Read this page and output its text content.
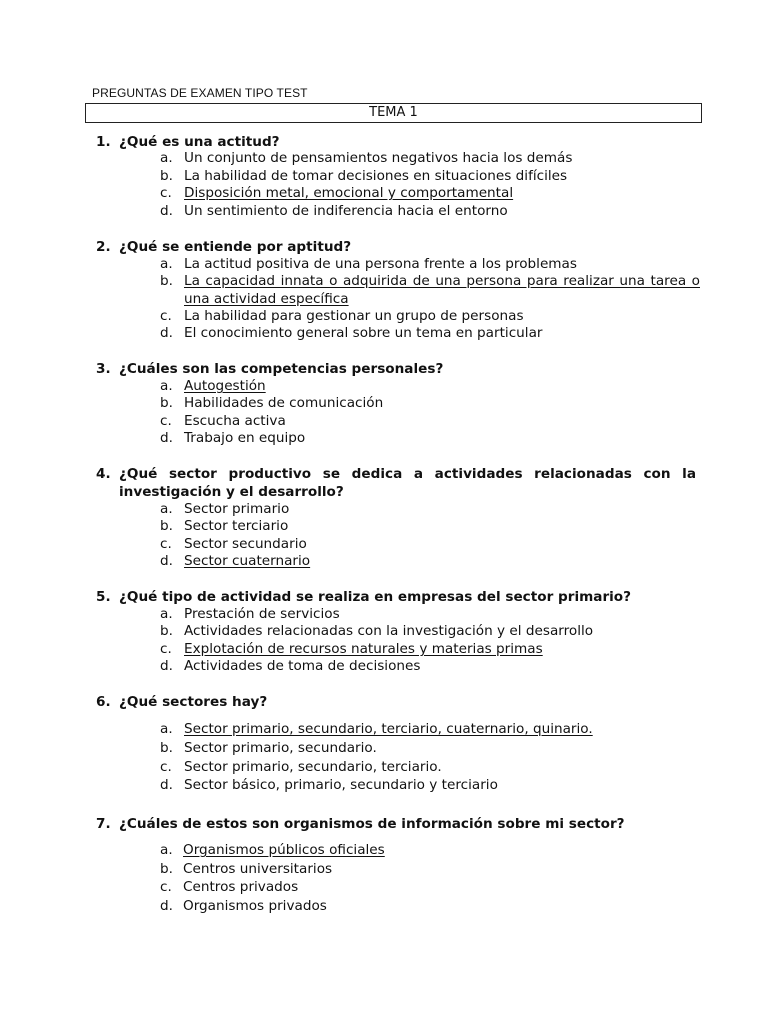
PREGUNTAS DE EXAMEN TIPO TEST
TEMA 1
1. ¿Qué es una actitud?
a. Un conjunto de pensamientos negativos hacia los demás
b. La habilidad de tomar decisiones en situaciones difíciles
c. Disposición metal, emocional y comportamental
d. Un sentimiento de indiferencia hacia el entorno
2. ¿Qué se entiende por aptitud?
a. La actitud positiva de una persona frente a los problemas
b. La capacidad innata o adquirida de una persona para realizar una tarea o una actividad específica
c. La habilidad para gestionar un grupo de personas
d. El conocimiento general sobre un tema en particular
3. ¿Cuáles son las competencias personales?
a. Autogestión
b. Habilidades de comunicación
c. Escucha activa
d. Trabajo en equipo
4. ¿Qué sector productivo se dedica a actividades relacionadas con la investigación y el desarrollo?
a. Sector primario
b. Sector terciario
c. Sector secundario
d. Sector cuaternario
5. ¿Qué tipo de actividad se realiza en empresas del sector primario?
a. Prestación de servicios
b. Actividades relacionadas con la investigación y el desarrollo
c. Explotación de recursos naturales y materias primas
d. Actividades de toma de decisiones
6. ¿Qué sectores hay?
a. Sector primario, secundario, terciario, cuaternario, quinario.
b. Sector primario, secundario.
c. Sector primario, secundario, terciario.
d. Sector básico, primario, secundario y terciario
7. ¿Cuáles de estos son organismos de información sobre mi sector?
a. Organismos públicos oficiales
b. Centros universitarios
c. Centros privados
d. Organismos privados
